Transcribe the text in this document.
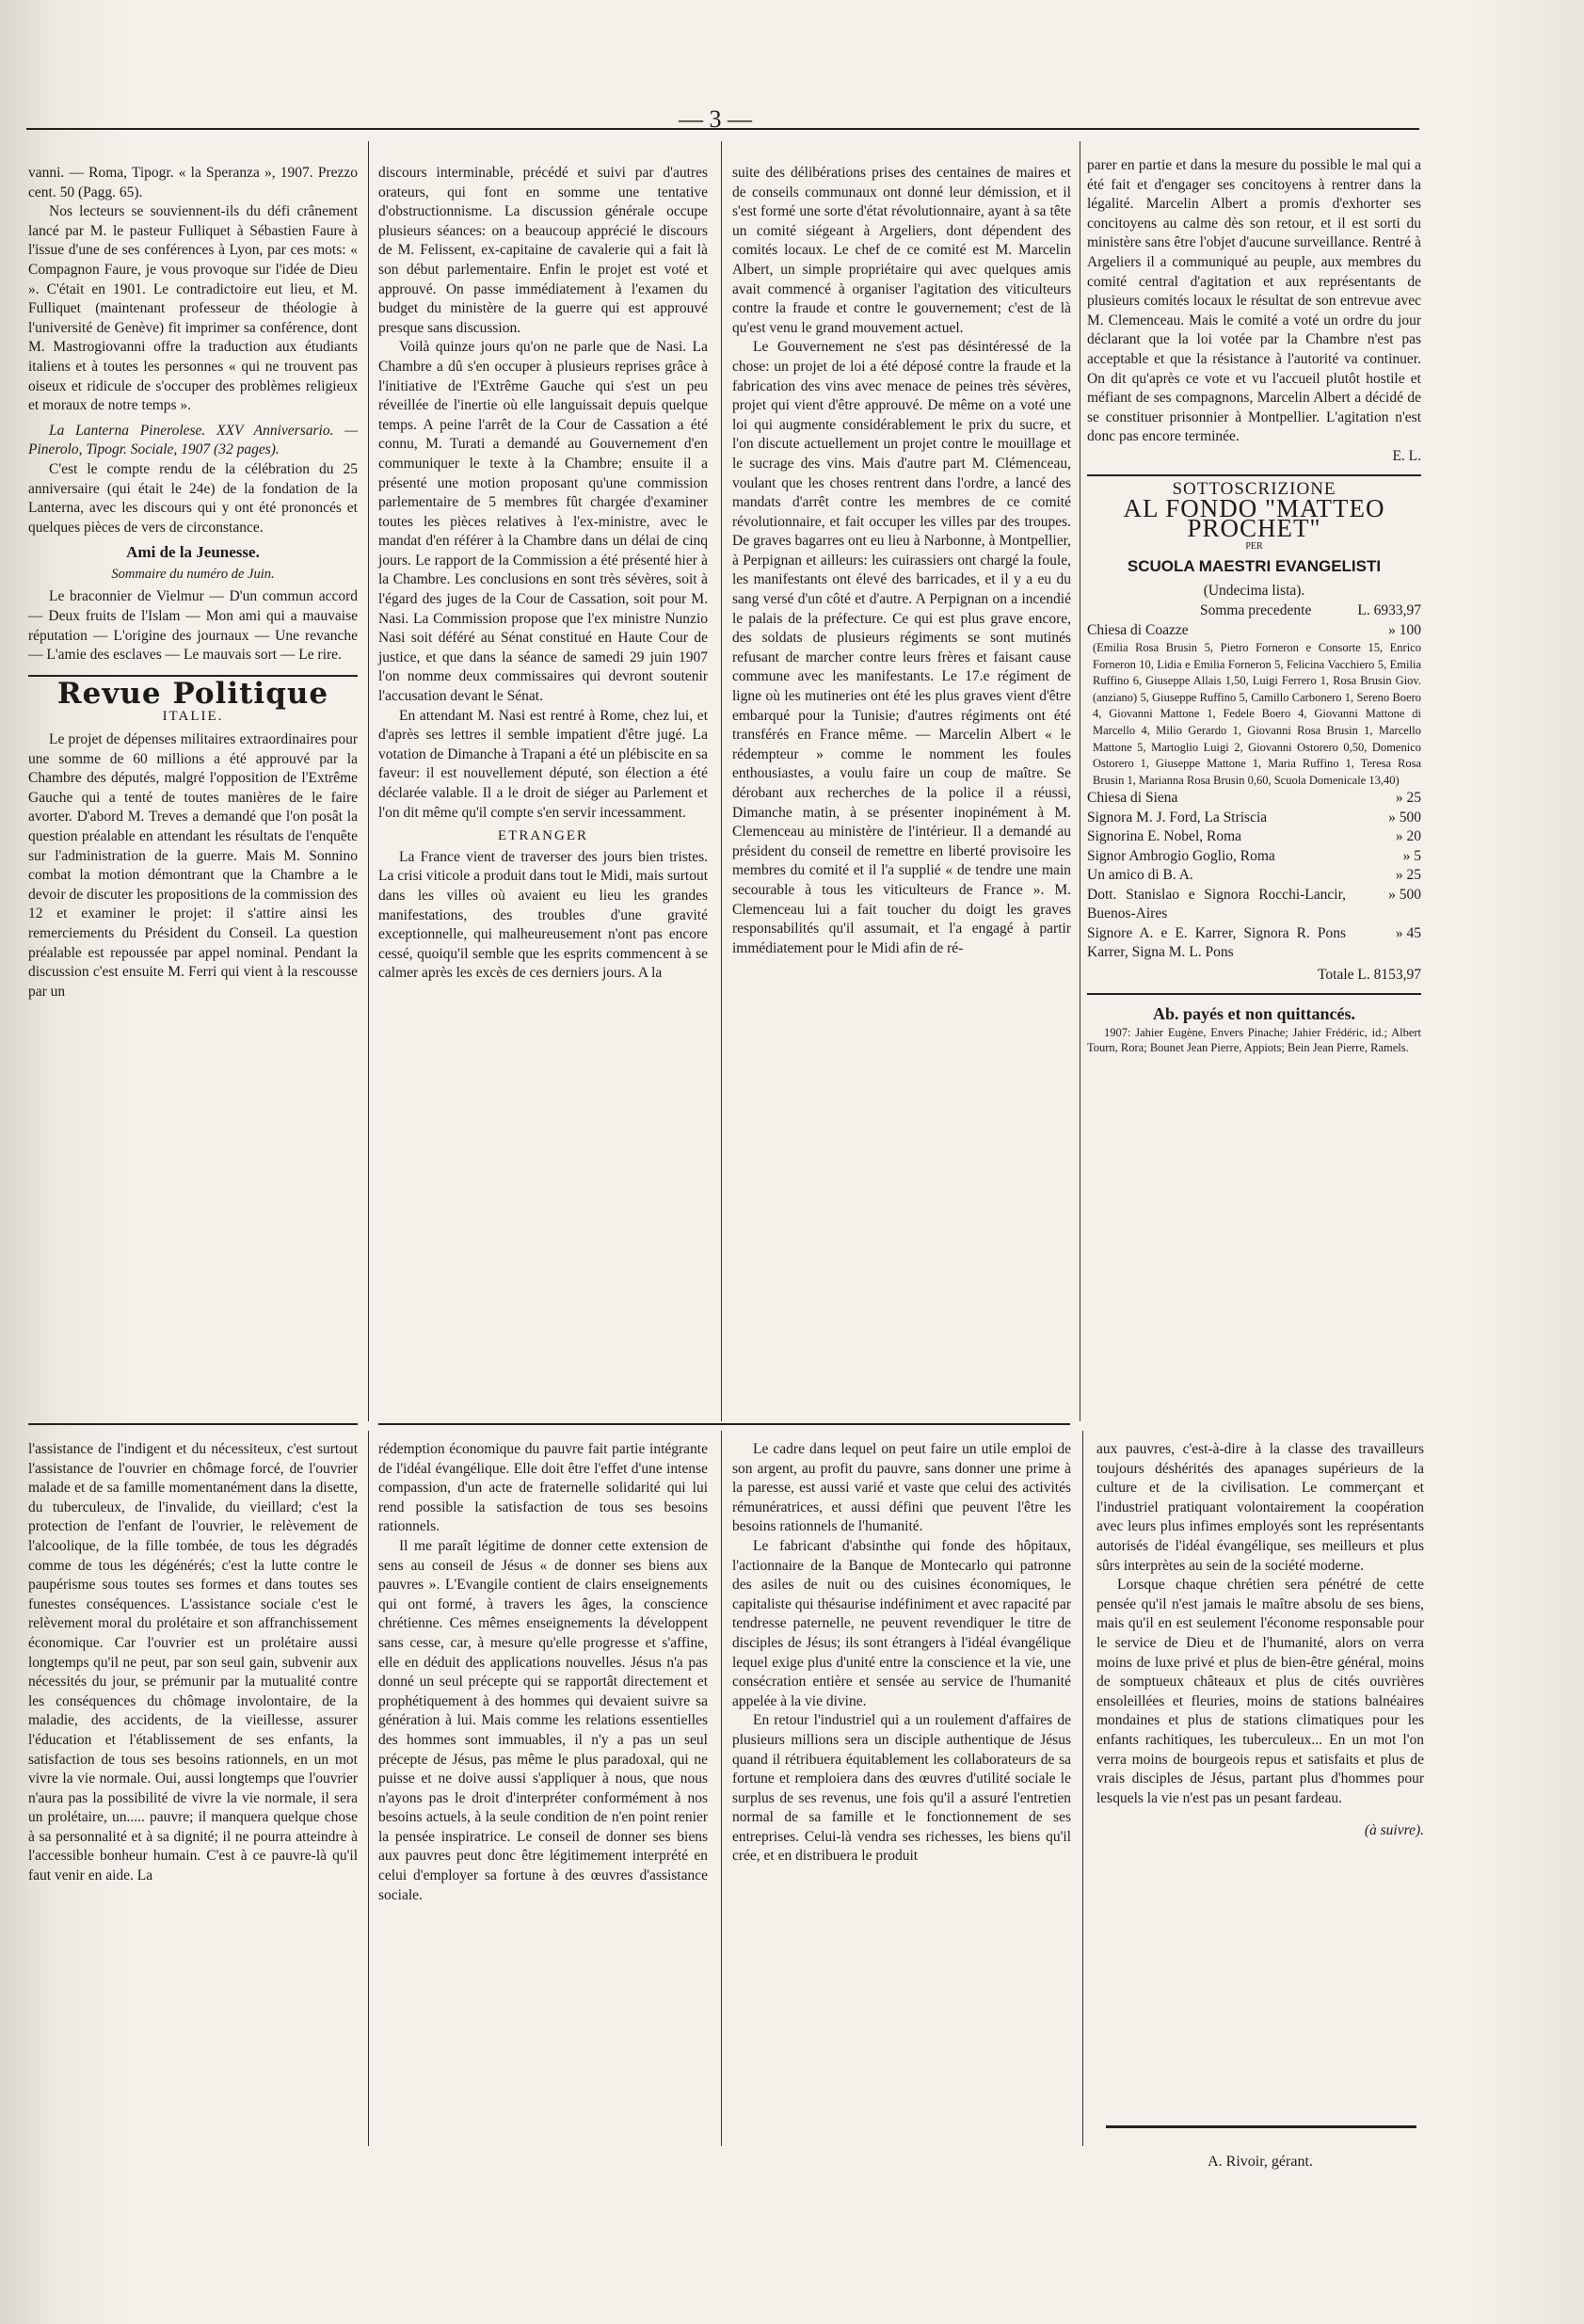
— 3 —

vanni. — Roma, Tipogr. « la Speranza », 1907. Prezzo cent. 50 (Pagg. 65).

Nos lecteurs se souviennent-ils du défi crânement lancé par M. le pasteur Fulliquet à Sébastien Faure à l'issue d'une de ses conférences à Lyon, par ces mots: « Compagnon Faure, je vous provoque sur l'idée de Dieu ». C'était en 1901. Le contradictoire eut lieu, et M. Fulliquet (maintenant professeur de théologie à l'université de Genève) fit imprimer sa conférence, dont M. Mastrogiovanni offre la traduction aux étudiants italiens et à toutes les personnes « qui ne trouvent pas oiseux et ridicule de s'occuper des problèmes religieux et moraux de notre temps ».

La Lanterna Pinerolese. XXV Anniversario. — Pinerolo, Tipogr. Sociale, 1907 (32 pages).

C'est le compte rendu de la célébration du 25 anniversaire (qui était le 24e) de la fondation de la Lanterna, avec les discours qui y ont été prononcés et quelques pièces de vers de circonstance.

Ami de la Jeunesse.
Sommaire du numéro de Juin.

Le braconnier de Vielmur — D'un commun accord — Deux fruits de l'Islam — Mon ami qui a mauvaise réputation — L'origine des journaux — Une revanche — L'amie des esclaves — Le mauvais sort — Le rire.

Revue Politique
ITALIE.

Le projet de dépenses militaires extraordinaires pour une somme de 60 millions a été approuvé par la Chambre des députés, malgré l'opposition de l'Extrême Gauche qui a tenté de toutes manières de le faire avorter. D'abord M. Treves a demandé que l'on posât la question préalable en attendant les résultats de l'enquête sur l'administration de la guerre. Mais M. Sonnino combat la motion démontrant que la Chambre a le devoir de discuter les propositions de la commission des 12 et examiner le projet: il s'attire ainsi les remerciements du Président du Conseil. La question préalable est repoussée par appel nominal. Pendant la discussion c'est ensuite M. Ferri qui vient à la rescousse par un

discours interminable, précédé et suivi par d'autres orateurs, qui font en somme une tentative d'obstructionnisme. La discussion générale occupe plusieurs séances: on a beaucoup apprécié le discours de M. Felissent, ex-capitaine de cavalerie qui a fait là son début parlementaire. Enfin le projet est voté et approuvé. On passe immédiatement à l'examen du budget du ministère de la guerre qui est approuvé presque sans discussion.

Voilà quinze jours qu'on ne parle que de Nasi. La Chambre a dû s'en occuper à plusieurs reprises grâce à l'initiative de l'Extrême Gauche qui s'est un peu réveillée de l'inertie où elle languissait depuis quelque temps. A peine l'arrêt de la Cour de Cassation a été connu, M. Turati a demandé au Gouvernement d'en communiquer le texte à la Chambre; ensuite il a présenté une motion proposant qu'une commission parlementaire de 5 membres fût chargée d'examiner toutes les pièces relatives à l'ex-ministre, avec le mandat d'en référer à la Chambre dans un délai de cinq jours. Le rapport de la Commission a été présenté hier à la Chambre. Les conclusions en sont très sévères, soit à l'égard des juges de la Cour de Cassation, soit pour M. Nasi. La Commission propose que l'ex ministre Nunzio Nasi soit déféré au Sénat constitué en Haute Cour de justice, et que dans la séance de samedi 29 juin 1907 l'on nomme deux commissaires qui devront soutenir l'accusation devant le Sénat.

En attendant M. Nasi est rentré à Rome, chez lui, et d'après ses lettres il semble impatient d'être jugé. La votation de Dimanche à Trapani a été un plébiscite en sa faveur: il est nouvellement député, son élection a été déclarée valable. Il a le droit de siéger au Parlement et l'on dit même qu'il compte s'en servir incessamment.

ETRANGER

La France vient de traverser des jours bien tristes. La crisi viticole a produit dans tout le Midi, mais surtout dans les villes où avaient eu lieu les grandes manifestations, des troubles d'une gravité exceptionnelle, qui malheureusement n'ont pas encore cessé, quoiqu'il semble que les esprits commencent à se calmer après les excès de ces derniers jours. A la

suite des délibérations prises des centaines de maires et de conseils communaux ont donné leur démission, et il s'est formé une sorte d'état révolutionnaire, ayant à sa tête un comité siégeant à Argeliers, dont dépendent des comités locaux. Le chef de ce comité est M. Marcelin Albert, un simple propriétaire qui avec quelques amis avait commencé à organiser l'agitation des viticulteurs contre la fraude et contre le gouvernement; c'est de là qu'est venu le grand mouvement actuel.

Le Gouvernement ne s'est pas désintéressé de la chose: un projet de loi a été déposé contre la fraude et la fabrication des vins avec menace de peines très sévères, projet qui vient d'être approuvé. De même on a voté une loi qui augmente considérablement le prix du sucre, et l'on discute actuellement un projet contre le mouillage et le sucrage des vins. Mais d'autre part M. Clémenceau, voulant que les choses rentrent dans l'ordre, a lancé des mandats d'arrêt contre les membres de ce comité révolutionnaire, et fait occuper les villes par des troupes. De graves bagarres ont eu lieu à Narbonne, à Montpellier, à Perpignan et ailleurs: les cuirassiers ont chargé la foule, les manifestants ont élevé des barricades, et il y a eu du sang versé d'un côté et d'autre. A Perpignan on a incendié le palais de la préfecture. Ce qui est plus grave encore, des soldats de plusieurs régiments se sont mutinés refusant de marcher contre leurs frères et faisant cause commune avec les manifestants. Le 17.e régiment de ligne où les mutineries ont été les plus graves vient d'être embarqué pour la Tunisie; d'autres régiments ont été transférés en France même. — Marcelin Albert « le rédempteur » comme le nomment les foules enthousiastes, a voulu faire un coup de maître. Se dérobant aux recherches de la police il a réussi, Dimanche matin, à se présenter inopinément à M. Clemenceau au ministère de l'intérieur. Il a demandé au président du conseil de remettre en liberté provisoire les membres du comité et il l'a supplié « de tendre une main secourable à tous les viticulteurs de France ». M. Clemenceau lui a fait toucher du doigt les graves responsabilités qu'il assumait, et l'a engagé à partir immédiatement pour le Midi afin de ré-

parer en partie et dans la mesure du possible le mal qui a été fait et d'engager ses concitoyens à rentrer dans la légalité. Marcelin Albert a promis d'exhorter ses concitoyens au calme dès son retour, et il est sorti du ministère sans être l'objet d'aucune surveillance. Rentré à Argeliers il a communiqué au peuple, aux membres du comité central d'agitation et aux représentants de plusieurs comités locaux le résultat de son entrevue avec M. Clemenceau. Mais le comité a voté un ordre du jour déclarant que la loi votée par la Chambre n'est pas acceptable et que la résistance à l'autorité va continuer. On dit qu'après ce vote et vu l'accueil plutôt hostile et méfiant de ses compagnons, Marcelin Albert a décidé de se constituer prisonnier à Montpellier. L'agitation n'est donc pas encore terminée.

E. L.
SOTTOSCRIZIONE
AL FONDO "MATTEO PROCHET"
PER
SCUOLA MAESTRI EVANGELISTI
(Undecima lista).
Somma precedente	L. 6933,97
Chiesa di Coazze	» 100
(Emilia Rosa Brusin 5, Pietro Forneron e Consorte 15, Enrico Forneron 10, Lidia e Emilia Forneron 5, Felicina Vacchiero 5, Emilia Ruffino 6, Giuseppe Allais 1,50, Luigi Ferrero 1, Rosa Brusin Giov. (anziano) 5, Giuseppe Ruffino 5, Camillo Carbonero 1, Sereno Boero 4, Giovanni Mattone 1, Fedele Boero 4, Giovanni Mattone di Marcello 4, Milio Gerardo 1, Giovanni Rosa Brusin 1, Marcello Mattone 5, Martoglio Luigi 2, Giovanni Ostorero 0,50, Domenico Ostorero 1, Giuseppe Mattone 1, Maria Ruffino 1, Teresa Rosa Brusin 1, Marianna Rosa Brusin 0,60, Scuola Domenicale 13,40)
Chiesa di Siena	» 25
Signora M. J. Ford, La Striscia	» 500
Signorina E. Nobel, Roma	» 20
Signor Ambrogio Goglio, Roma	» 5
Un amico di B. A.	» 25
Dott. Stanislao e Signora Rocchi-Lancir, Buenos-Aires
» 500
Signore A. e E. Karrer, Signora R. Pons Karrer, Signa M. L. Pons
» 45
Totale L. 8153,97
Ab. payés et non quittancés.
1907: Jahier Eugène, Envers Pinache; Jahier Frédéric, id.; Albert Tourn, Rora; Bounet Jean Pierre, Appiots; Bein Jean Pierre, Ramels.

l'assistance de l'indigent et du nécessiteux, c'est surtout l'assistance de l'ouvrier en chômage forcé, de l'ouvrier malade et de sa famille momentanément dans la disette, du tuberculeux, de l'invalide, du vieillard; c'est la protection de l'enfant de l'ouvrier, le relèvement de l'alcoolique, de la fille tombée, de tous les dégradés comme de tous les dégénérés; c'est la lutte contre le paupérisme sous toutes ses formes et dans toutes ses funestes conséquences. L'assistance sociale c'est le relèvement moral du prolétaire et son affranchissement économique. Car l'ouvrier est un prolétaire aussi longtemps qu'il ne peut, par son seul gain, subvenir aux nécessités du jour, se prémunir par la mutualité contre les conséquences du chômage involontaire, de la maladie, des accidents, de la vieillesse, assurer l'éducation et l'établissement de ses enfants, la satisfaction de tous ses besoins rationnels, en un mot vivre la vie normale. Oui, aussi longtemps que l'ouvrier n'aura pas la possibilité de vivre la vie normale, il sera un prolétaire, un..... pauvre; il manquera quelque chose à sa personnalité et à sa dignité; il ne pourra atteindre à l'accessible bonheur humain. C'est à ce pauvre-là qu'il faut venir en aide. La

rédemption économique du pauvre fait partie intégrante de l'idéal évangélique. Elle doit être l'effet d'une intense compassion, d'un acte de fraternelle solidarité qui lui rend possible la satisfaction de tous ses besoins rationnels.

Il me paraît légitime de donner cette extension de sens au conseil de Jésus « de donner ses biens aux pauvres ». L'Evangile contient de clairs enseignements qui ont formé, à travers les âges, la conscience chrétienne. Ces mêmes enseignements la développent sans cesse, car, à mesure qu'elle progresse et s'affine, elle en déduit des applications nouvelles. Jésus n'a pas donné un seul précepte qui se rapportât directement et prophétiquement à des hommes qui devaient suivre sa génération à lui. Mais comme les relations essentielles des hommes sont immuables, il n'y a pas un seul précepte de Jésus, pas même le plus paradoxal, qui ne puisse et ne doive aussi s'appliquer à nous, que nous n'ayons pas le droit d'interpréter conformément à nos besoins actuels, à la seule condition de n'en point renier la pensée inspiratrice. Le conseil de donner ses biens aux pauvres peut donc être légitimement interprété en celui d'employer sa fortune à des œuvres d'assistance sociale.

Le cadre dans lequel on peut faire un utile emploi de son argent, au profit du pauvre, sans donner une prime à la paresse, est aussi varié et vaste que celui des activités rémunératrices, et aussi défini que peuvent l'être les besoins rationnels de l'humanité.

Le fabricant d'absinthe qui fonde des hôpitaux, l'actionnaire de la Banque de Montecarlo qui patronne des asiles de nuit ou des cuisines économiques, le capitaliste qui thésaurise indéfiniment et avec rapacité par tendresse paternelle, ne peuvent revendiquer le titre de disciples de Jésus; ils sont étrangers à l'idéal évangélique lequel exige plus d'unité entre la conscience et la vie, une consécration entière et sensée au service de l'humanité appelée à la vie divine.

En retour l'industriel qui a un roulement d'affaires de plusieurs millions sera un disciple authentique de Jésus quand il rétribuera équitablement les collaborateurs de sa fortune et remploiera dans des œuvres d'utilité sociale le surplus de ses revenus, une fois qu'il a assuré l'entretien normal de sa famille et le fonctionnement de ses entreprises. Celui-là vendra ses richesses, les biens qu'il crée, et en distribuera le produit

aux pauvres, c'est-à-dire à la classe des travailleurs toujours déshérités des apanages supérieurs de la culture et de la civilisation. Le commerçant et l'industriel pratiquant volontairement la coopération avec leurs plus infimes employés sont les représentants autorisés de l'idéal évangélique, ses meilleurs et plus sûrs interprètes au sein de la société moderne.

Lorsque chaque chrétien sera pénétré de cette pensée qu'il n'est jamais le maître absolu de ses biens, mais qu'il en est seulement l'économe responsable pour le service de Dieu et de l'humanité, alors on verra moins de luxe privé et plus de bien-être général, moins de somptueux châteaux et plus de cités ouvrières ensoleillées et fleuries, moins de stations balnéaires mondaines et plus de stations climatiques pour les enfants rachitiques, les tuberculeux... En un mot l'on verra moins de bourgeois repus et satisfaits et plus de vrais disciples de Jésus, partant plus d'hommes pour lesquels la vie n'est pas un pesant fardeau.

(à suivre).
A. Rivoir, gérant.
